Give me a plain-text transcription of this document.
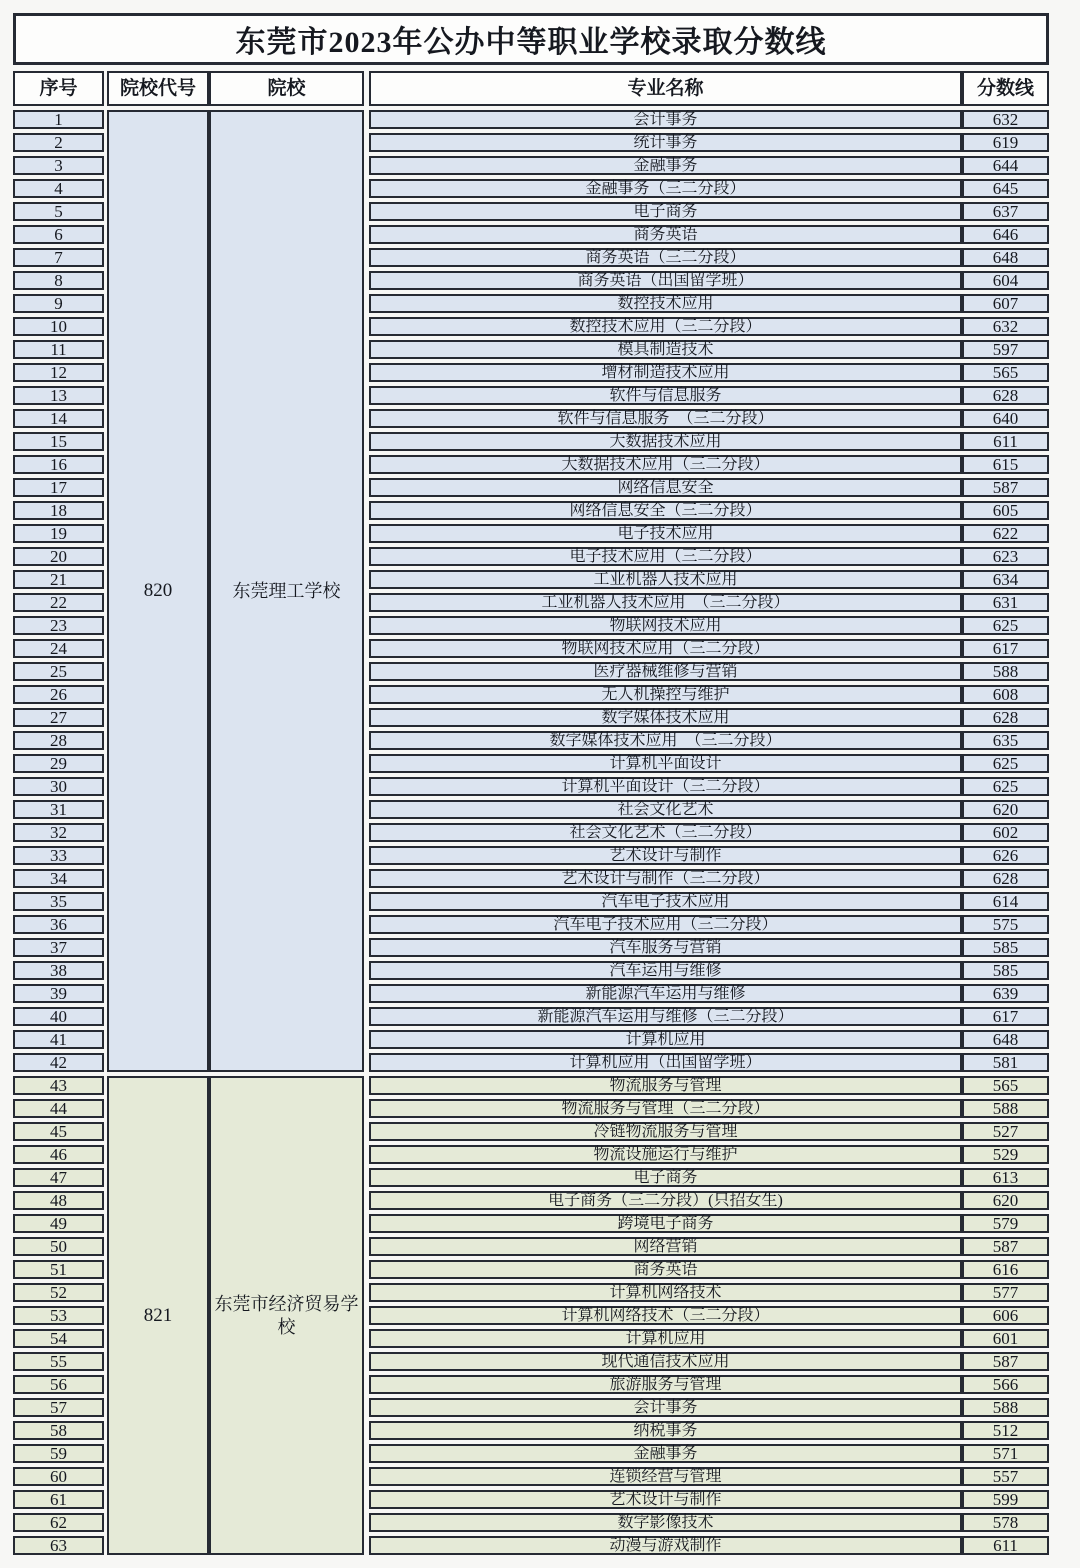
东莞市2023年公办中等职业学校录取分数线
序号	院校代号	院校	专业名称	分数线
820	东莞理工学校
1	会计事务	632
2	统计事务	619
3	金融事务	644
4	金融事务（三二分段）	645
5	电子商务	637
6	商务英语	646
7	商务英语（三二分段）	648
8	商务英语（出国留学班）	604
9	数控技术应用	607
10	数控技术应用（三二分段）	632
11	模具制造技术	597
12	增材制造技术应用	565
13	软件与信息服务	628
14	软件与信息服务　（三二分段）	640
15	大数据技术应用	611
16	大数据技术应用（三二分段）	615
17	网络信息安全	587
18	网络信息安全（三二分段）	605
19	电子技术应用	622
20	电子技术应用（三二分段）	623
21	工业机器人技术应用	634
22	工业机器人技术应用　（三二分段）	631
23	物联网技术应用	625
24	物联网技术应用（三二分段）	617
25	医疗器械维修与营销	588
26	无人机操控与维护	608
27	数字媒体技术应用	628
28	数字媒体技术应用　（三二分段）	635
29	计算机平面设计	625
30	计算机平面设计（三二分段）	625
31	社会文化艺术	620
32	社会文化艺术（三二分段）	602
33	艺术设计与制作	626
34	艺术设计与制作（三二分段）	628
35	汽车电子技术应用	614
36	汽车电子技术应用（三二分段）	575
37	汽车服务与营销	585
38	汽车运用与维修	585
39	新能源汽车运用与维修	639
40	新能源汽车运用与维修（三二分段）	617
41	计算机应用	648
42	计算机应用（出国留学班）	581
821
东莞市经济贸易学校
43	物流服务与管理	565
44	物流服务与管理（三二分段）	588
45	冷链物流服务与管理	527
46	物流设施运行与维护	529
47	电子商务	613
48	电子商务（三二分段）(只招女生)	620
49	跨境电子商务	579
50	网络营销	587
51	商务英语	616
52	计算机网络技术	577
53	计算机网络技术（三二分段）	606
54	计算机应用	601
55	现代通信技术应用	587
56	旅游服务与管理	566
57	会计事务	588
58	纳税事务	512
59	金融事务	571
60	连锁经营与管理	557
61	艺术设计与制作	599
62	数字影像技术	578
63	动漫与游戏制作	611
